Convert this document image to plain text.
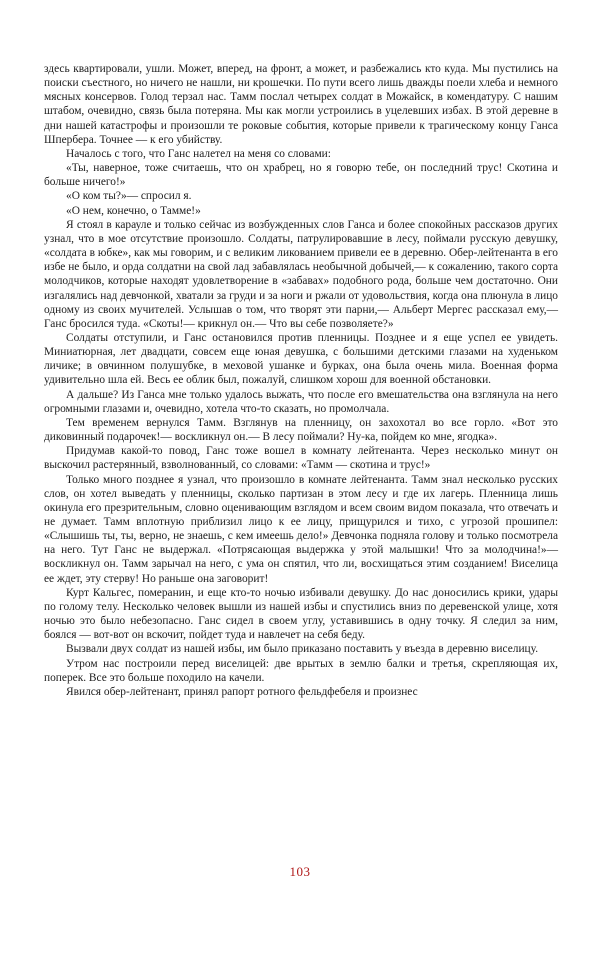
здесь квартировали, ушли. Может, вперед, на фронт, а может, и разбежались кто куда. Мы пустились на поиски съестного, но ничего не нашли, ни крошечки. По пути всего лишь дважды поели хлеба и немного мясных консервов. Голод терзал нас. Тамм послал четырех солдат в Можайск, в комендатуру. С нашим штабом, очевидно, связь была потеряна. Мы как могли устроились в уцелевших избах. В этой деревне в дни нашей катастрофы и произошли те роковые события, которые привели к трагическому концу Ганса Шпербера. Точнее — к его убийству.

Началось с того, что Ганс налетел на меня со словами:

«Ты, наверное, тоже считаешь, что он храбрец, но я говорю тебе, он последний трус! Скотина и больше ничего!»

«О ком ты?»— спросил я.

«О нем, конечно, о Тамме!»

Я стоял в карауле и только сейчас из возбужденных слов Ганса и более спокойных рассказов других узнал, что в мое отсутствие произошло. Солдаты, патрулировавшие в лесу, поймали русскую девушку, «солдата в юбке», как мы говорим, и с великим ликованием привели ее в деревню. Обер-лейтенанта в его избе не было, и орда солдатни на свой лад забавлялась необычной добычей,— к сожалению, такого сорта молодчиков, которые находят удовлетворение в «забавах» подобного рода, больше чем достаточно. Они изгалялись над девчонкой, хватали за груди и за ноги и ржали от удовольствия, когда она плюнула в лицо одному из своих мучителей. Услышав о том, что творят эти парни,— Альберт Мергес рассказал ему,— Ганс бросился туда. «Скоты!— крикнул он.— Что вы себе позволяете?»

Солдаты отступили, и Ганс остановился против пленницы. Позднее и я еще успел ее увидеть. Миниатюрная, лет двадцати, совсем еще юная девушка, с большими детскими глазами на худеньком личике; в овчинном полушубке, в меховой ушанке и бурках, она была очень мила. Военная форма удивительно шла ей. Весь ее облик был, пожалуй, слишком хорош для военной обстановки.

А дальше? Из Ганса мне только удалось выжать, что после его вмешательства она взглянула на него огромными глазами и, очевидно, хотела что-то сказать, но промолчала.

Тем временем вернулся Тамм. Взглянув на пленницу, он захохотал во все горло. «Вот это диковинный подарочек!— воскликнул он.— В лесу поймали? Ну-ка, пойдем ко мне, ягодка».

Придумав какой-то повод, Ганс тоже вошел в комнату лейтенанта. Через несколько минут он выскочил растерянный, взволнованный, со словами: «Тамм — скотина и трус!»

Только много позднее я узнал, что произошло в комнате лейтенанта. Тамм знал несколько русских слов, он хотел выведать у пленницы, сколько партизан в этом лесу и где их лагерь. Пленница лишь окинула его презрительным, словно оценивающим взглядом и всем своим видом показала, что отвечать и не думает. Тамм вплотную приблизил лицо к ее лицу, прищурился и тихо, с угрозой прошипел: «Слышишь ты, ты, верно, не знаешь, с кем имеешь дело!» Девчонка подняла голову и только посмотрела на него. Тут Ганс не выдержал. «Потрясающая выдержка у этой малышки! Что за молодчина!»— воскликнул он. Тамм зарычал на него, с ума он спятил, что ли, восхищаться этим созданием! Виселица ее ждет, эту стерву! Но раньше она заговорит!

Курт Кальгес, померанин, и еще кто-то ночью избивали девушку. До нас доносились крики, удары по голому телу. Несколько человек вышли из нашей избы и спустились вниз по деревенской улице, хотя ночью это было небезопасно. Ганс сидел в своем углу, уставившись в одну точку. Я следил за ним, боялся — вот-вот он вскочит, пойдет туда и навлечет на себя беду.

Вызвали двух солдат из нашей избы, им было приказано поставить у въезда в деревню виселицу.

Утром нас построили перед виселицей: две врытых в землю балки и третья, скрепляющая их, поперек. Все это больше походило на качели.

Явился обер-лейтенант, принял рапорт ротного фельдфебеля и произнес

103
